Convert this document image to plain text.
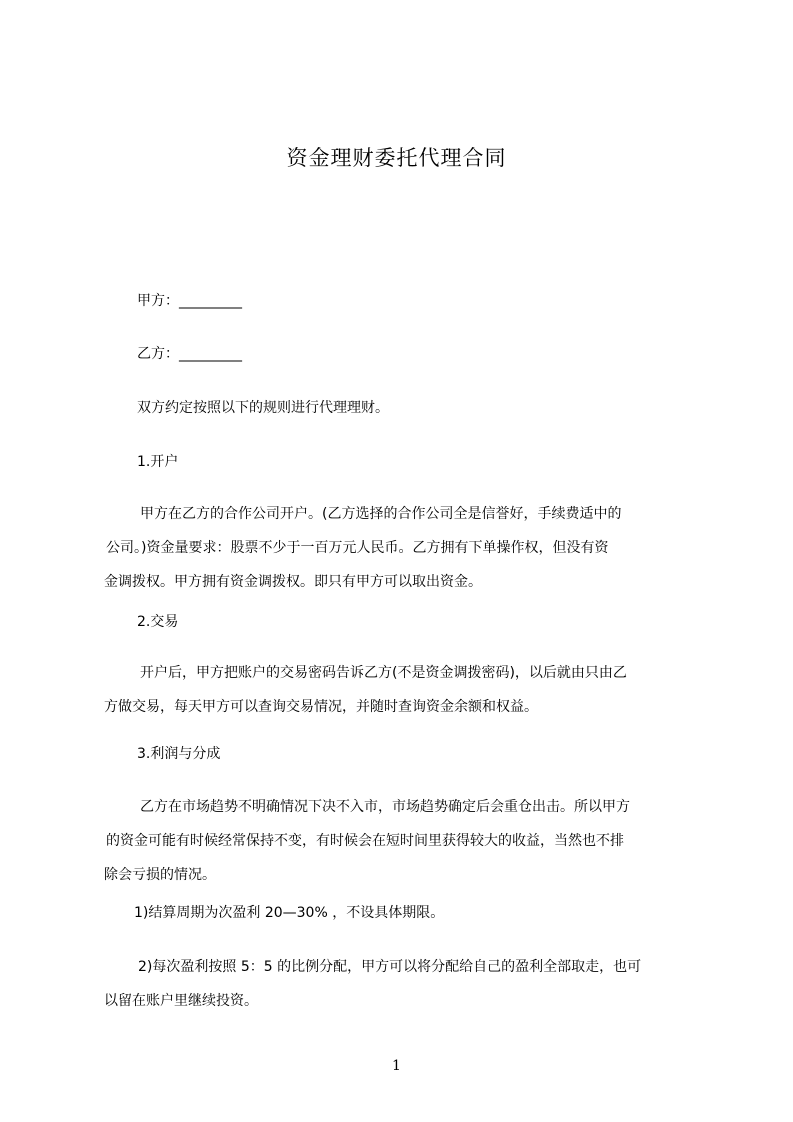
资金理财委托代理合同
甲方：_________
乙方：_________
双方约定按照以下的规则进行代理理财。
1.开户
甲方在乙方的合作公司开户。(乙方选择的合作公司全是信誉好，手续费适中的
公司。)资金量要求：股票不少于一百万元人民币。乙方拥有下单操作权，但没有资
金调拨权。甲方拥有资金调拨权。即只有甲方可以取出资金。
2.交易
开户后，甲方把账户的交易密码告诉乙方(不是资金调拨密码)，以后就由只由乙
方做交易，每天甲方可以查询交易情况，并随时查询资金余额和权益。
3.利润与分成
乙方在市场趋势不明确情况下决不入市，市场趋势确定后会重仓出击。所以甲方
的资金可能有时候经常保持不变，有时候会在短时间里获得较大的收益，当然也不排
除会亏损的情况。
1)结算周期为次盈利 20—30% ，不设具体期限。
2)每次盈利按照 5：5 的比例分配，甲方可以将分配给自己的盈利全部取走，也可
以留在账户里继续投资。
1
